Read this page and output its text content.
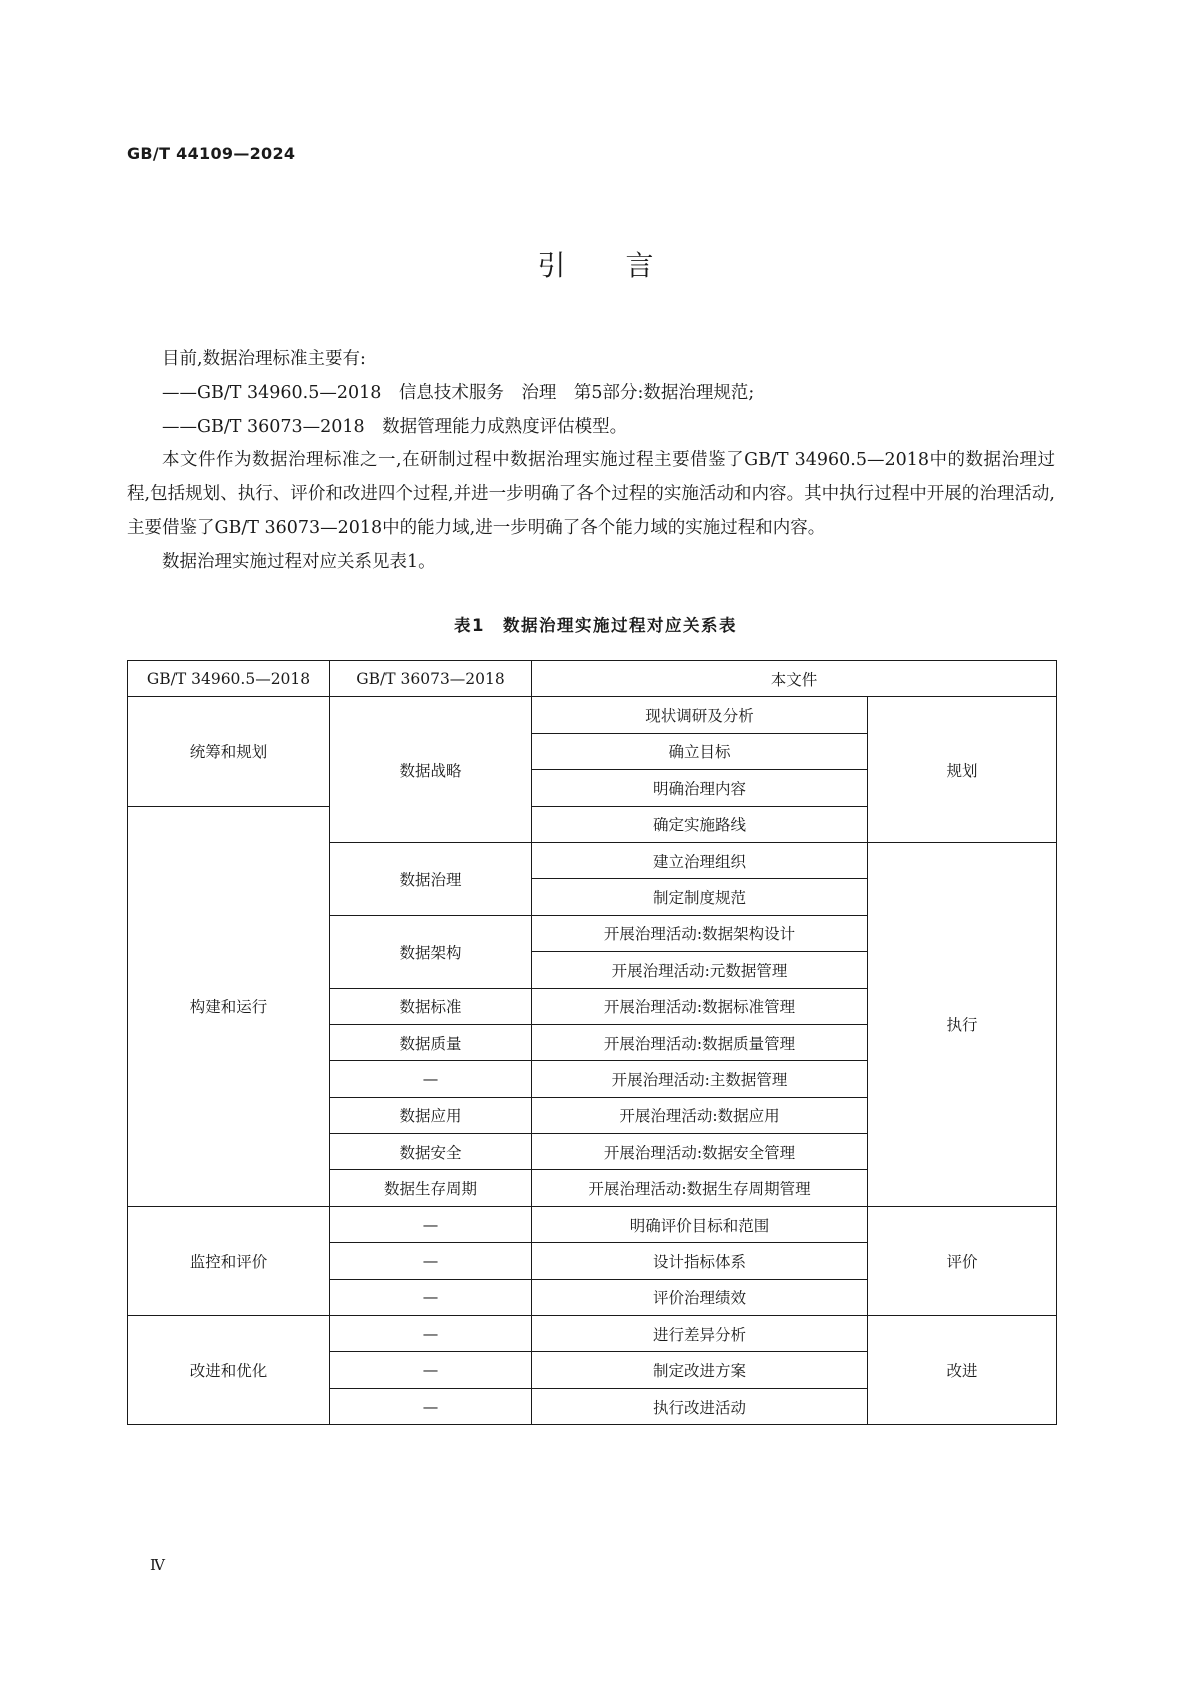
GB/T 44109—2024
引言

目前,数据治理标准主要有:

——GB/T 34960.5—2018　信息技术服务　治理　第5部分:数据治理规范;

——GB/T 36073—2018　数据管理能力成熟度评估模型。

本文件作为数据治理标准之一,在研制过程中数据治理实施过程主要借鉴了GB/T 34960.5—2018中的数据治理过程,包括规划、执行、评价和改进四个过程,并进一步明确了各个过程的实施活动和内容。其中执行过程中开展的治理活动,主要借鉴了GB/T 36073—2018中的能力域,进一步明确了各个能力域的实施过程和内容。

数据治理实施过程对应关系见表1。

表1　数据治理实施过程对应关系表
GB/T 34960.5—2018	GB/T 36073—2018	本文件	
统筹和规划	数据战略	现状调研及分析	规划
		确立目标	
		明确治理内容	
构建和运行		确定实施路线	
	数据治理	建立治理组织	执行
		制定制度规范	
	数据架构	开展治理活动:数据架构设计	
		开展治理活动:元数据管理	
	数据标准	开展治理活动:数据标准管理	
	数据质量	开展治理活动:数据质量管理	
	—	开展治理活动:主数据管理	
	数据应用	开展治理活动:数据应用	
	数据安全	开展治理活动:数据安全管理	
	数据生存周期	开展治理活动:数据生存周期管理	
监控和评价	—	明确评价目标和范围	评价
	—	设计指标体系	
	—	评价治理绩效	
改进和优化	—	进行差异分析	改进
	—	制定改进方案	
	—	执行改进活动	
Ⅳ
